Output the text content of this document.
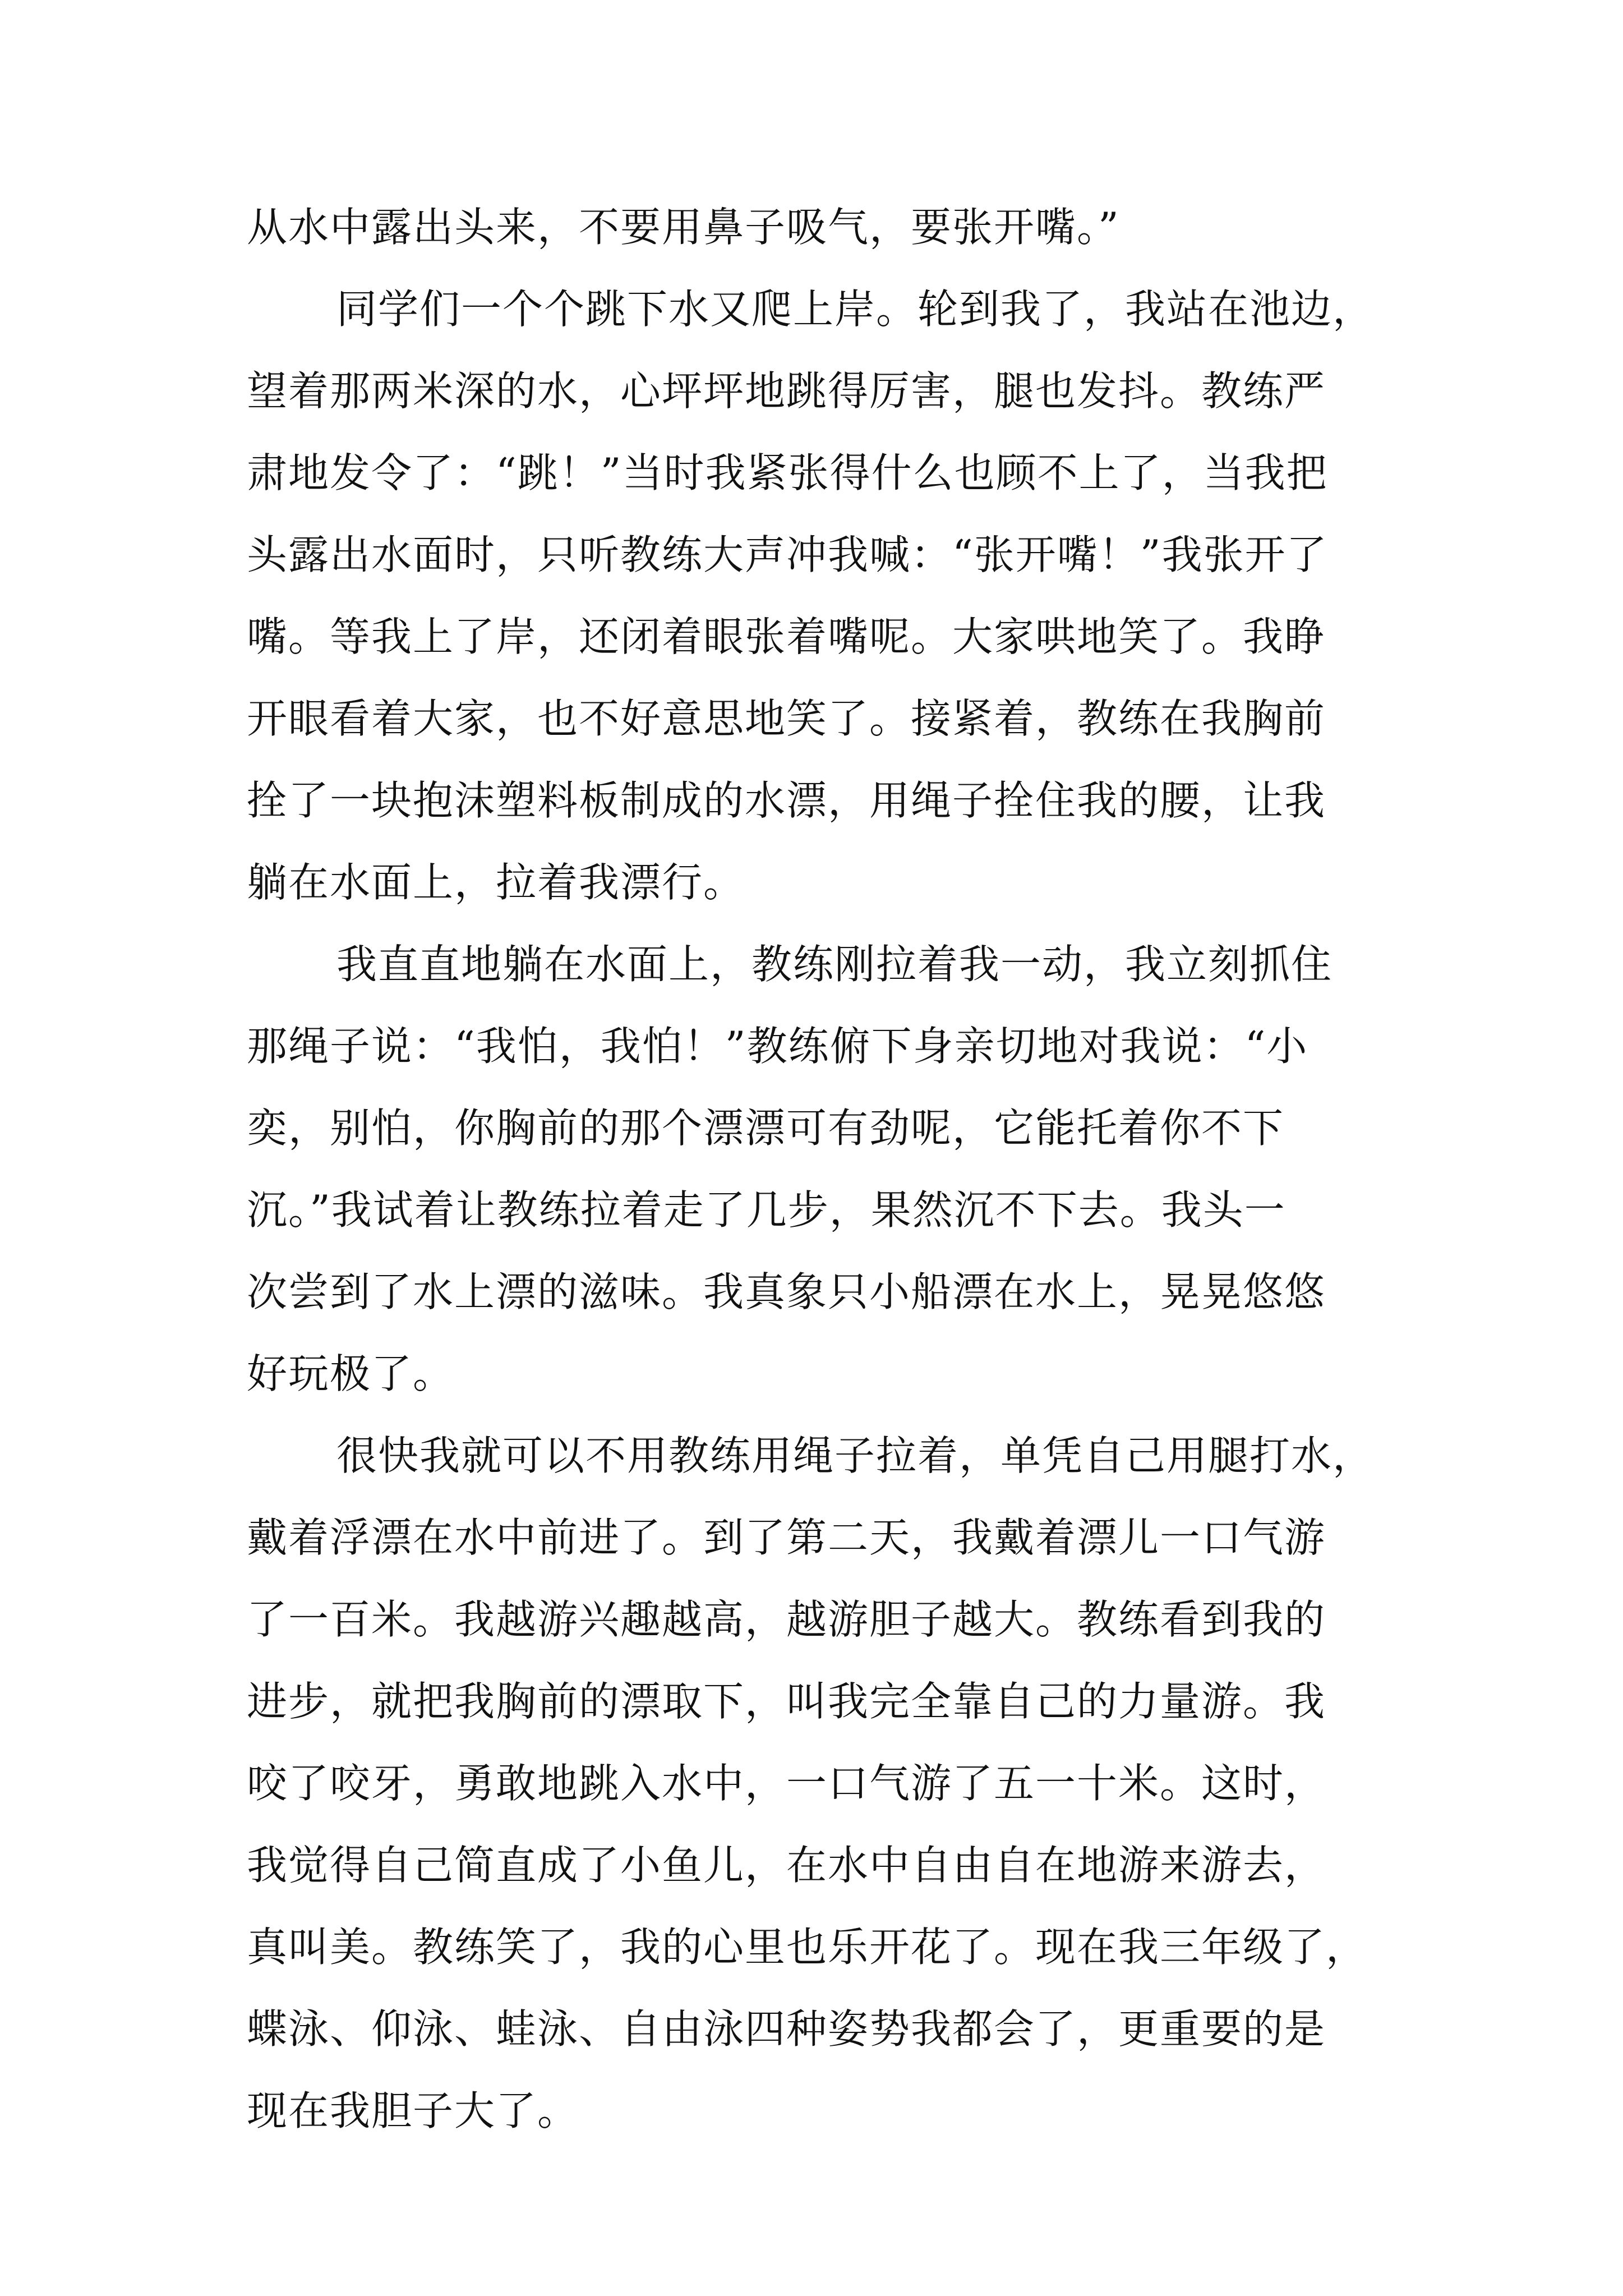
从水中露出头来，不要用鼻子吸气，要张开嘴。”
同学们一个个跳下水又爬上岸。轮到我了，我站在池边，
望着那两米深的水，心坪坪地跳得厉害，腿也发抖。教练严
肃地发令了：“跳！”当时我紧张得什么也顾不上了，当我把
头露出水面时，只听教练大声冲我喊：“张开嘴！”我张开了
嘴。等我上了岸，还闭着眼张着嘴呢。大家哄地笑了。我睁
开眼看着大家，也不好意思地笑了。接紧着，教练在我胸前
拴了一块抱沫塑料板制成的水漂，用绳子拴住我的腰，让我
躺在水面上，拉着我漂行。
我直直地躺在水面上，教练刚拉着我一动，我立刻抓住
那绳子说：“我怕，我怕！”教练俯下身亲切地对我说：“小
奕，别怕，你胸前的那个漂漂可有劲呢，它能托着你不下
沉。”我试着让教练拉着走了几步，果然沉不下去。我头一
次尝到了水上漂的滋味。我真象只小船漂在水上，晃晃悠悠
好玩极了。
很快我就可以不用教练用绳子拉着，单凭自己用腿打水，
戴着浮漂在水中前进了。到了第二天，我戴着漂儿一口气游
了一百米。我越游兴趣越高，越游胆子越大。教练看到我的
进步，就把我胸前的漂取下，叫我完全靠自己的力量游。我
咬了咬牙，勇敢地跳入水中，一口气游了五一十米。这时，
我觉得自己简直成了小鱼儿，在水中自由自在地游来游去，
真叫美。教练笑了，我的心里也乐开花了。现在我三年级了，
蝶泳、仰泳、蛙泳、自由泳四种姿势我都会了，更重要的是
现在我胆子大了。
